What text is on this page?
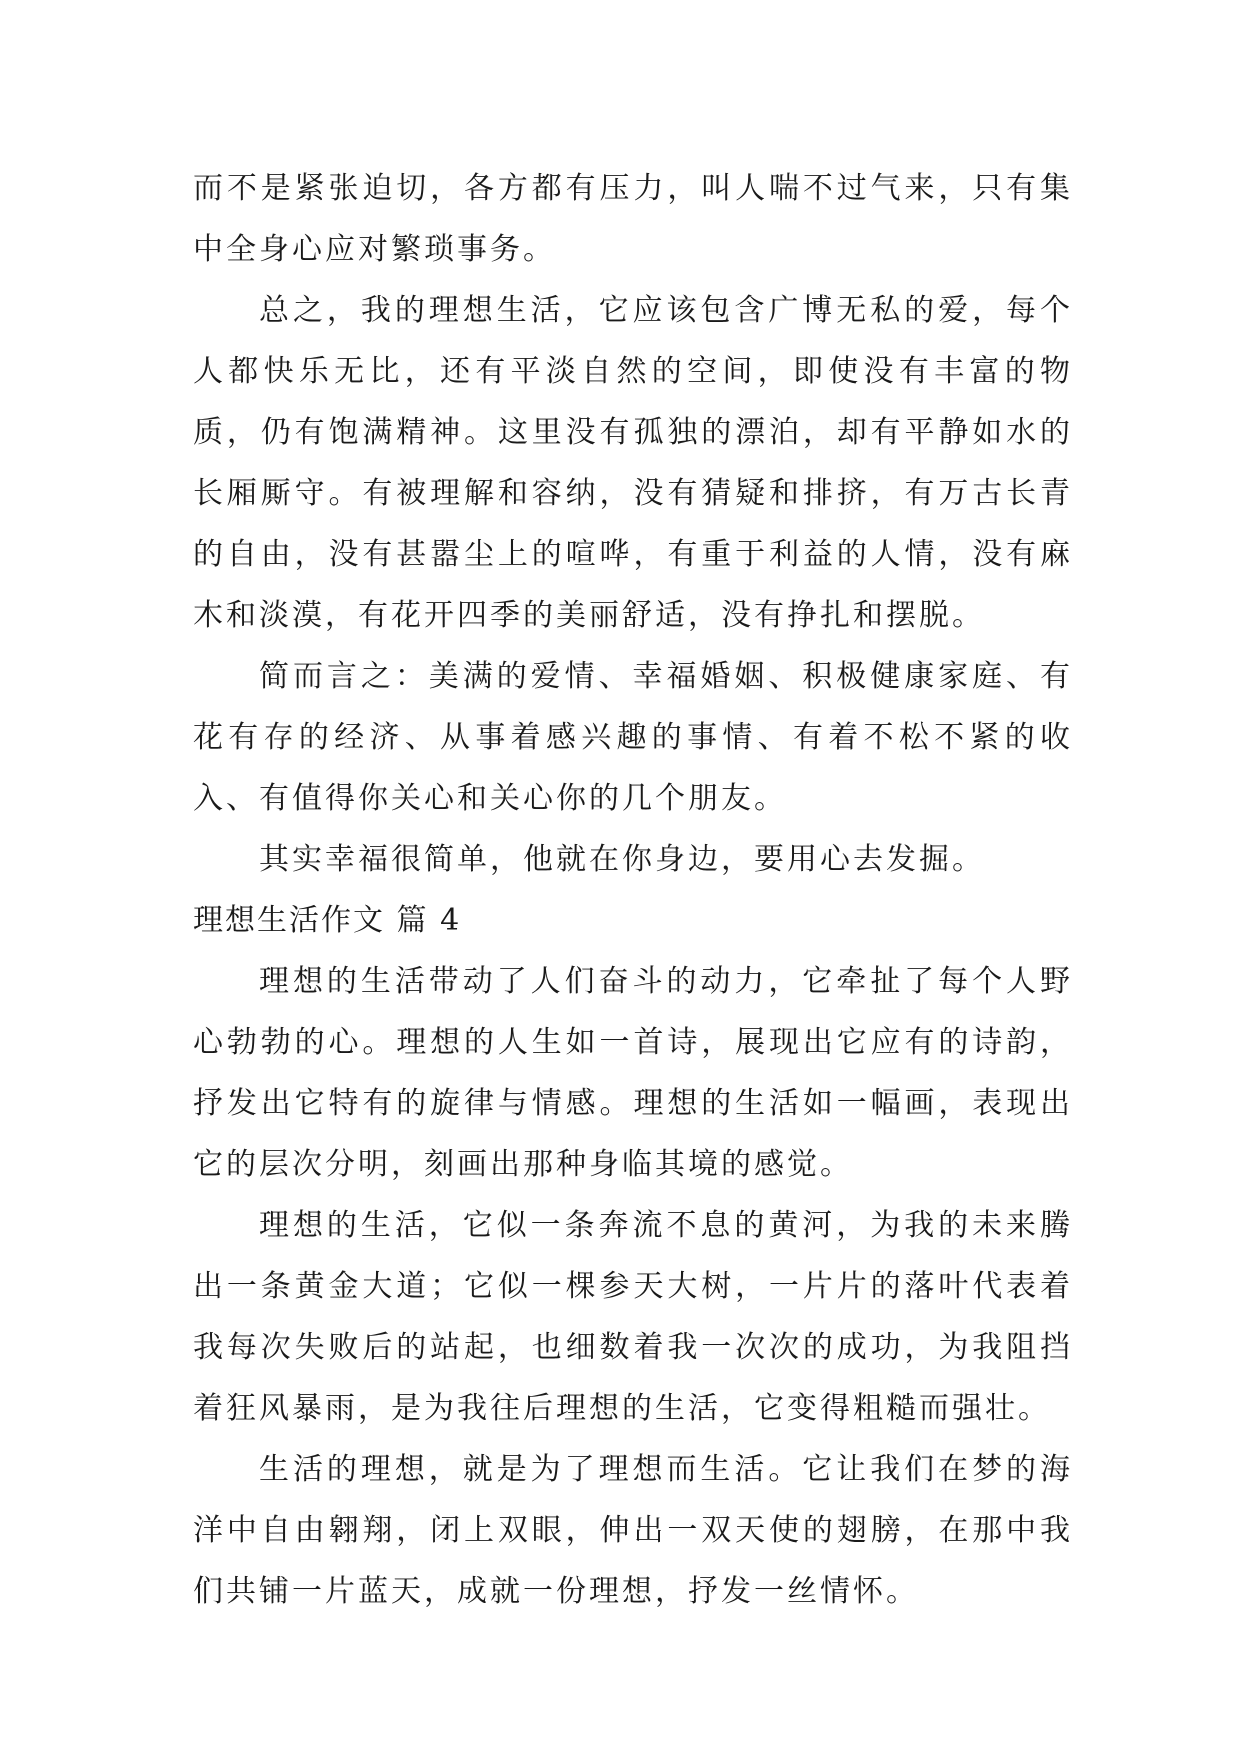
而不是紧张迫切，各方都有压力，叫人喘不过气来，只有集中全身心应对繁琐事务。

总之，我的理想生活，它应该包含广博无私的爱，每个人都快乐无比，还有平淡自然的空间，即使没有丰富的物质，仍有饱满精神。这里没有孤独的漂泊，却有平静如水的长厢厮守。有被理解和容纳，没有猜疑和排挤，有万古长青的自由，没有甚嚣尘上的喧哗，有重于利益的人情，没有麻木和淡漠，有花开四季的美丽舒适，没有挣扎和摆脱。

简而言之：美满的爱情、幸福婚姻、积极健康家庭、有花有存的经济、从事着感兴趣的事情、有着不松不紧的收入、有值得你关心和关心你的几个朋友。

其实幸福很简单，他就在你身边，要用心去发掘。

理想生活作文 篇 4

理想的生活带动了人们奋斗的动力，它牵扯了每个人野心勃勃的心。理想的人生如一首诗，展现出它应有的诗韵，抒发出它特有的旋律与情感。理想的生活如一幅画，表现出它的层次分明，刻画出那种身临其境的感觉。

理想的生活，它似一条奔流不息的黄河，为我的未来腾出一条黄金大道；它似一棵参天大树，一片片的落叶代表着我每次失败后的站起，也细数着我一次次的成功，为我阻挡着狂风暴雨，是为我往后理想的生活，它变得粗糙而强壮。

生活的理想，就是为了理想而生活。它让我们在梦的海洋中自由翱翔，闭上双眼，伸出一双天使的翅膀，在那中我们共铺一片蓝天，成就一份理想，抒发一丝情怀。
